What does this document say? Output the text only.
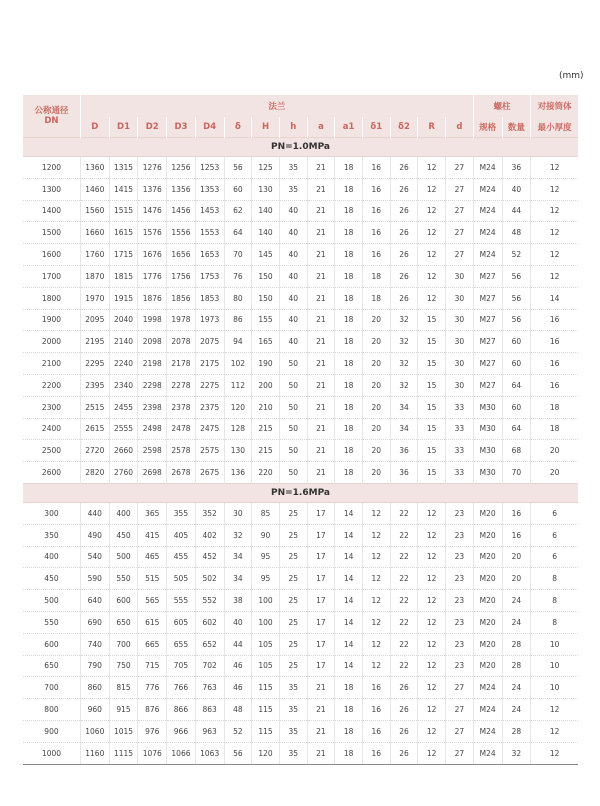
(mm)
公称通径
DN	法兰														螺柱		对接筒体
	D	D1	D2	D3	D4	δ	H	h	a	a1	δ1	δ2	R	d	规格	数量	最小厚度
PN=1.0MPa																	
1200	1360	1315	1276	1256	1253	56	125	35	21	18	16	26	12	27	M24	36	12
1300	1460	1415	1376	1356	1353	60	130	35	21	18	16	26	12	27	M24	40	12
1400	1560	1515	1476	1456	1453	62	140	40	21	18	16	26	12	27	M24	44	12
1500	1660	1615	1576	1556	1553	64	140	40	21	18	16	26	12	27	M24	48	12
1600	1760	1715	1676	1656	1653	70	145	40	21	18	16	26	12	27	M24	52	12
1700	1870	1815	1776	1756	1753	76	150	40	21	18	18	26	12	30	M27	56	12
1800	1970	1915	1876	1856	1853	80	150	40	21	18	18	26	12	30	M27	56	14
1900	2095	2040	1998	1978	1973	86	155	40	21	18	20	32	15	30	M27	56	16
2000	2195	2140	2098	2078	2075	94	165	40	21	18	20	32	15	30	M27	60	16
2100	2295	2240	2198	2178	2175	102	190	50	21	18	20	32	15	30	M27	60	16
2200	2395	2340	2298	2278	2275	112	200	50	21	18	20	32	15	30	M27	64	16
2300	2515	2455	2398	2378	2375	120	210	50	21	18	20	34	15	33	M30	60	18
2400	2615	2555	2498	2478	2475	128	215	50	21	18	20	34	15	33	M30	64	18
2500	2720	2660	2598	2578	2575	130	215	50	21	18	20	36	15	33	M30	68	20
2600	2820	2760	2698	2678	2675	136	220	50	21	18	20	36	15	33	M30	70	20
PN=1.6MPa																	
300	440	400	365	355	352	30	85	25	17	14	12	22	12	23	M20	16	6
350	490	450	415	405	402	32	90	25	17	14	12	22	12	23	M20	16	6
400	540	500	465	455	452	34	95	25	17	14	12	22	12	23	M20	20	6
450	590	550	515	505	502	34	95	25	17	14	12	22	12	23	M20	20	8
500	640	600	565	555	552	38	100	25	17	14	12	22	12	23	M20	24	8
550	690	650	615	605	602	40	100	25	17	14	12	22	12	23	M20	24	8
600	740	700	665	655	652	44	105	25	17	14	12	22	12	23	M20	28	10
650	790	750	715	705	702	46	105	25	17	14	12	22	12	23	M20	28	10
700	860	815	776	766	763	46	115	35	21	18	16	26	12	27	M24	24	10
800	960	915	876	866	863	48	115	35	21	18	16	26	12	27	M24	24	12
900	1060	1015	976	966	963	52	115	35	21	18	16	26	12	27	M24	28	12
1000	1160	1115	1076	1066	1063	56	120	35	21	18	16	26	12	27	M24	32	12
